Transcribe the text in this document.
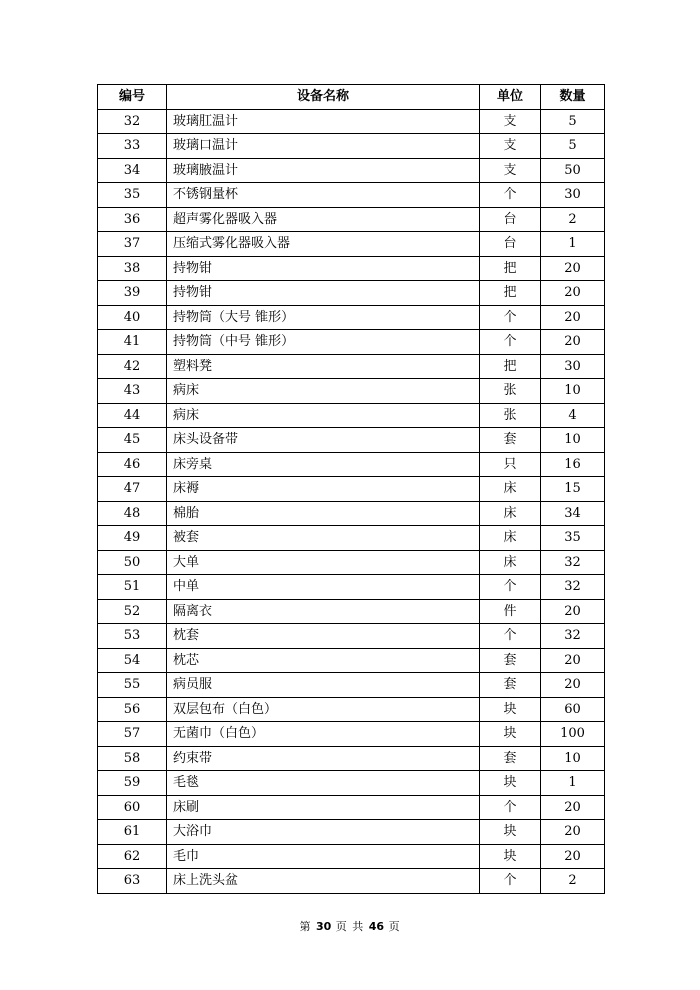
编号	设备名称	单位	数量
32	玻璃肛温计	支	5
33	玻璃口温计	支	5
34	玻璃腋温计	支	50
35	不锈钢量杯	个	30
36	超声雾化器吸入器	台	2
37	压缩式雾化器吸入器	台	1
38	持物钳	把	20
39	持物钳	把	20
40	持物筒（大号 锥形）	个	20
41	持物筒（中号 锥形）	个	20
42	塑料凳	把	30
43	病床	张	10
44	病床	张	4
45	床头设备带	套	10
46	床旁桌	只	16
47	床褥	床	15
48	棉胎	床	34
49	被套	床	35
50	大单	床	32
51	中单	个	32
52	隔离衣	件	20
53	枕套	个	32
54	枕芯	套	20
55	病员服	套	20
56	双层包布（白色）	块	60
57	无菌巾（白色）	块	100
58	约束带	套	10
59	毛毯	块	1
60	床刷	个	20
61	大浴巾	块	20
62	毛巾	块	20
63	床上洗头盆	个	2
第 30 页 共 46 页
